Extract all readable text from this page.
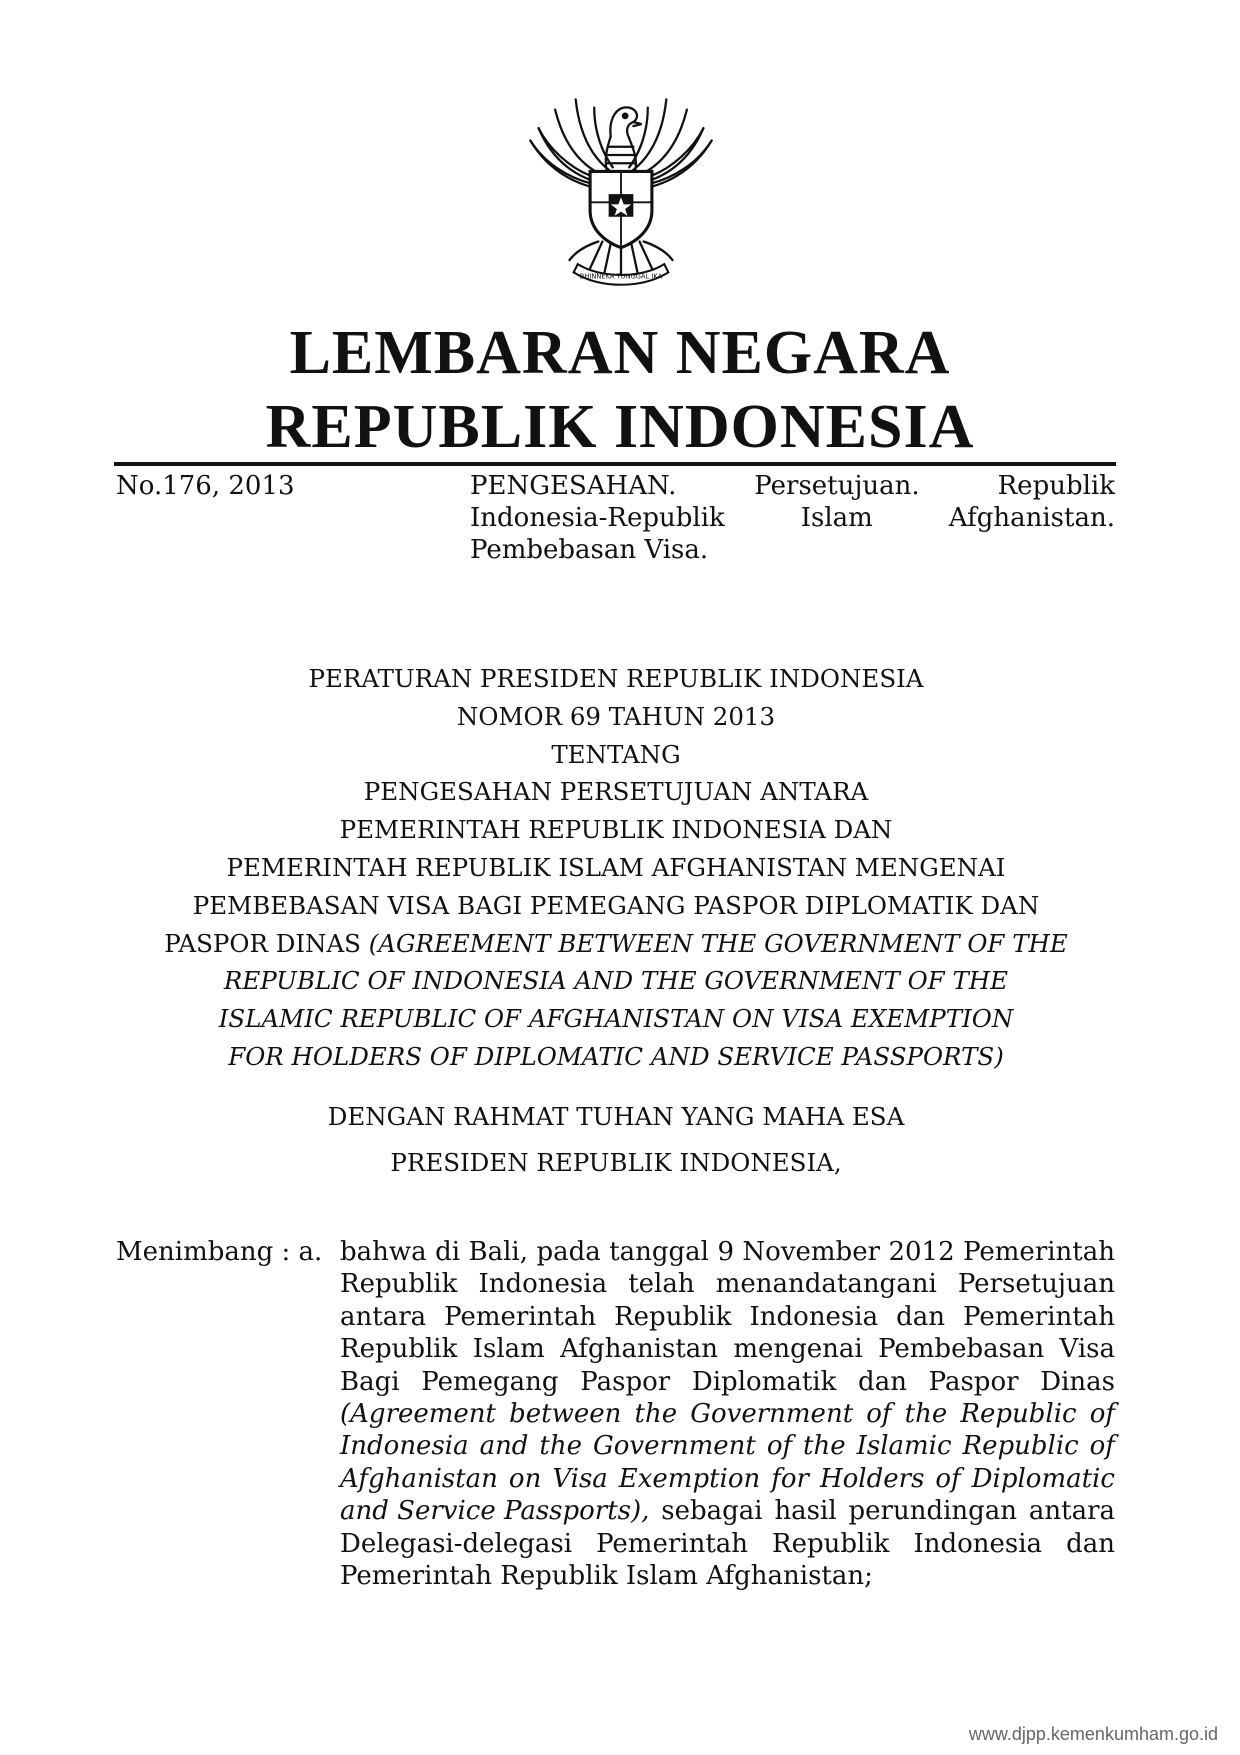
BHINNEKA TUNGGAL IKA
LEMBARAN NEGARA
REPUBLIK INDONESIA
No.176, 2013	PENGESAHAN.	Persetujuan.	Republik
Indonesia-Republik	Islam	Afghanistan.
Pembebasan Visa.
PERATURAN PRESIDEN REPUBLIK INDONESIA
NOMOR 69 TAHUN 2013
TENTANG
PENGESAHAN PERSETUJUAN ANTARA
PEMERINTAH REPUBLIK INDONESIA DAN
PEMERINTAH REPUBLIK ISLAM AFGHANISTAN MENGENAI
PEMBEBASAN VISA BAGI PEMEGANG PASPOR DIPLOMATIK DAN
PASPOR DINAS (AGREEMENT BETWEEN THE GOVERNMENT OF THE
REPUBLIC OF INDONESIA AND THE GOVERNMENT OF THE
ISLAMIC REPUBLIC OF AFGHANISTAN ON VISA EXEMPTION
FOR HOLDERS OF DIPLOMATIC AND SERVICE PASSPORTS)
DENGAN RAHMAT TUHAN YANG MAHA ESA
PRESIDEN REPUBLIK INDONESIA,
Menimbang : a. bahwa di Bali, pada tanggal 9 November 2012 Pemerintah
Republik Indonesia telah menandatangani Persetujuan
antara Pemerintah Republik Indonesia dan Pemerintah
Republik Islam Afghanistan mengenai Pembebasan Visa
Bagi Pemegang Paspor Diplomatik dan Paspor Dinas
(Agreement between the Government of the Republic of
Indonesia and the Government of the Islamic Republic of
Afghanistan on Visa Exemption for Holders of Diplomatic
and Service Passports), sebagai hasil perundingan antara
Delegasi-delegasi Pemerintah Republik Indonesia dan
Pemerintah Republik Islam Afghanistan;
www.djpp.kemenkumham.go.id
